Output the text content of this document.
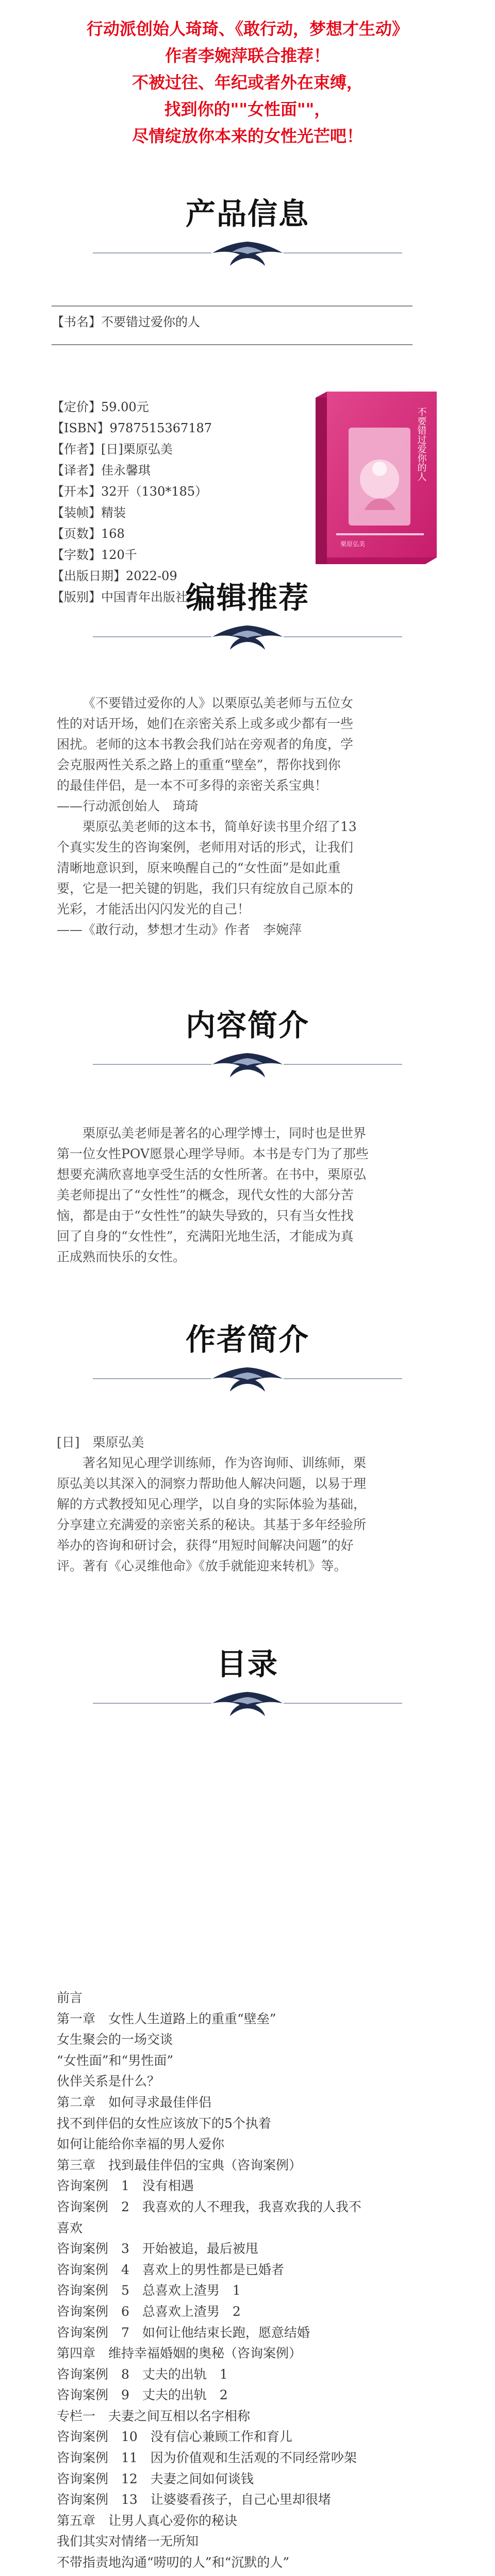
行动派创始人琦琦、《敢行动，梦想才生动》
作者李婉萍联合推荐！
不被过往、年纪或者外在束缚，
找到你的""女性面""，
尽情绽放你本来的女性光芒吧！
产品信息
【书名】不要错过爱你的人
【定价】59.00元
【ISBN】9787515367187
【作者】[日]栗原弘美
【译者】佳永馨琪
【开本】32开（130*185）
【装帧】精装
【页数】168
【字数】120千
【出版日期】2022-09
【版别】中国青年出版社
不要错过爱你的人
栗原弘美
编辑推荐
《不要错过爱你的人》以栗原弘美老师与五位女
性的对话开场，她们在亲密关系上或多或少都有一些
困扰。老师的这本书教会我们站在旁观者的角度，学
会克服两性关系之路上的重重“壁垒”，帮你找到你
的最佳伴侣，是一本不可多得的亲密关系宝典！
——行动派创始人　琦琦
栗原弘美老师的这本书，简单好读书里介绍了13
个真实发生的咨询案例，老师用对话的形式，让我们
清晰地意识到，原来唤醒自己的“女性面”是如此重
要，它是一把关键的钥匙，我们只有绽放自己原本的
光彩，才能活出闪闪发光的自己！
——《敢行动，梦想才生动》作者　李婉萍
内容简介
栗原弘美老师是著名的心理学博士，同时也是世界
第一位女性POV愿景心理学导师。本书是专门为了那些
想要充满欣喜地享受生活的女性所著。在书中，栗原弘
美老师提出了“女性性”的概念，现代女性的大部分苦
恼，都是由于“女性性”的缺失导致的，只有当女性找
回了自身的“女性性”，充满阳光地生活，才能成为真
正成熟而快乐的女性。
作者简介
[日]　栗原弘美
著名知见心理学训练师，作为咨询师、训练师，栗
原弘美以其深入的洞察力帮助他人解决问题，以易于理
解的方式教授知见心理学，以自身的实际体验为基础，
分享建立充满爱的亲密关系的秘诀。其基于多年经验所
举办的咨询和研讨会，获得“用短时间解决问题”的好
评。著有《心灵维他命》《放手就能迎来转机》等。
目录
前言
第一章　女性人生道路上的重重“壁垒”
女生聚会的一场交谈
“女性面”和“男性面”
伙伴关系是什么？
第二章　如何寻求最佳伴侣
找不到伴侣的女性应该放下的5个执着
如何让能给你幸福的男人爱你
第三章　找到最佳伴侣的宝典（咨询案例）
咨询案例　1　没有相遇
咨询案例　2　我喜欢的人不理我，我喜欢我的人我不
喜欢
咨询案例　3　开始被追，最后被甩
咨询案例　4　喜欢上的男性都是已婚者
咨询案例　5　总喜欢上渣男　1
咨询案例　6　总喜欢上渣男　2
咨询案例　7　如何让他结束长跑，愿意结婚
第四章　维持幸福婚姻的奥秘（咨询案例）
咨询案例　8　丈夫的出轨　1
咨询案例　9　丈夫的出轨　2
专栏一　夫妻之间互相以名字相称
咨询案例　10　没有信心兼顾工作和育儿
咨询案例　11　因为价值观和生活观的不同经常吵架
咨询案例　12　夫妻之间如何谈钱
咨询案例　13　让婆婆看孩子，自己心里却很堵
第五章　让男人真心爱你的秘诀
我们其实对情绪一无所知
不带指责地沟通“唠叨的人”和“沉默的人”
